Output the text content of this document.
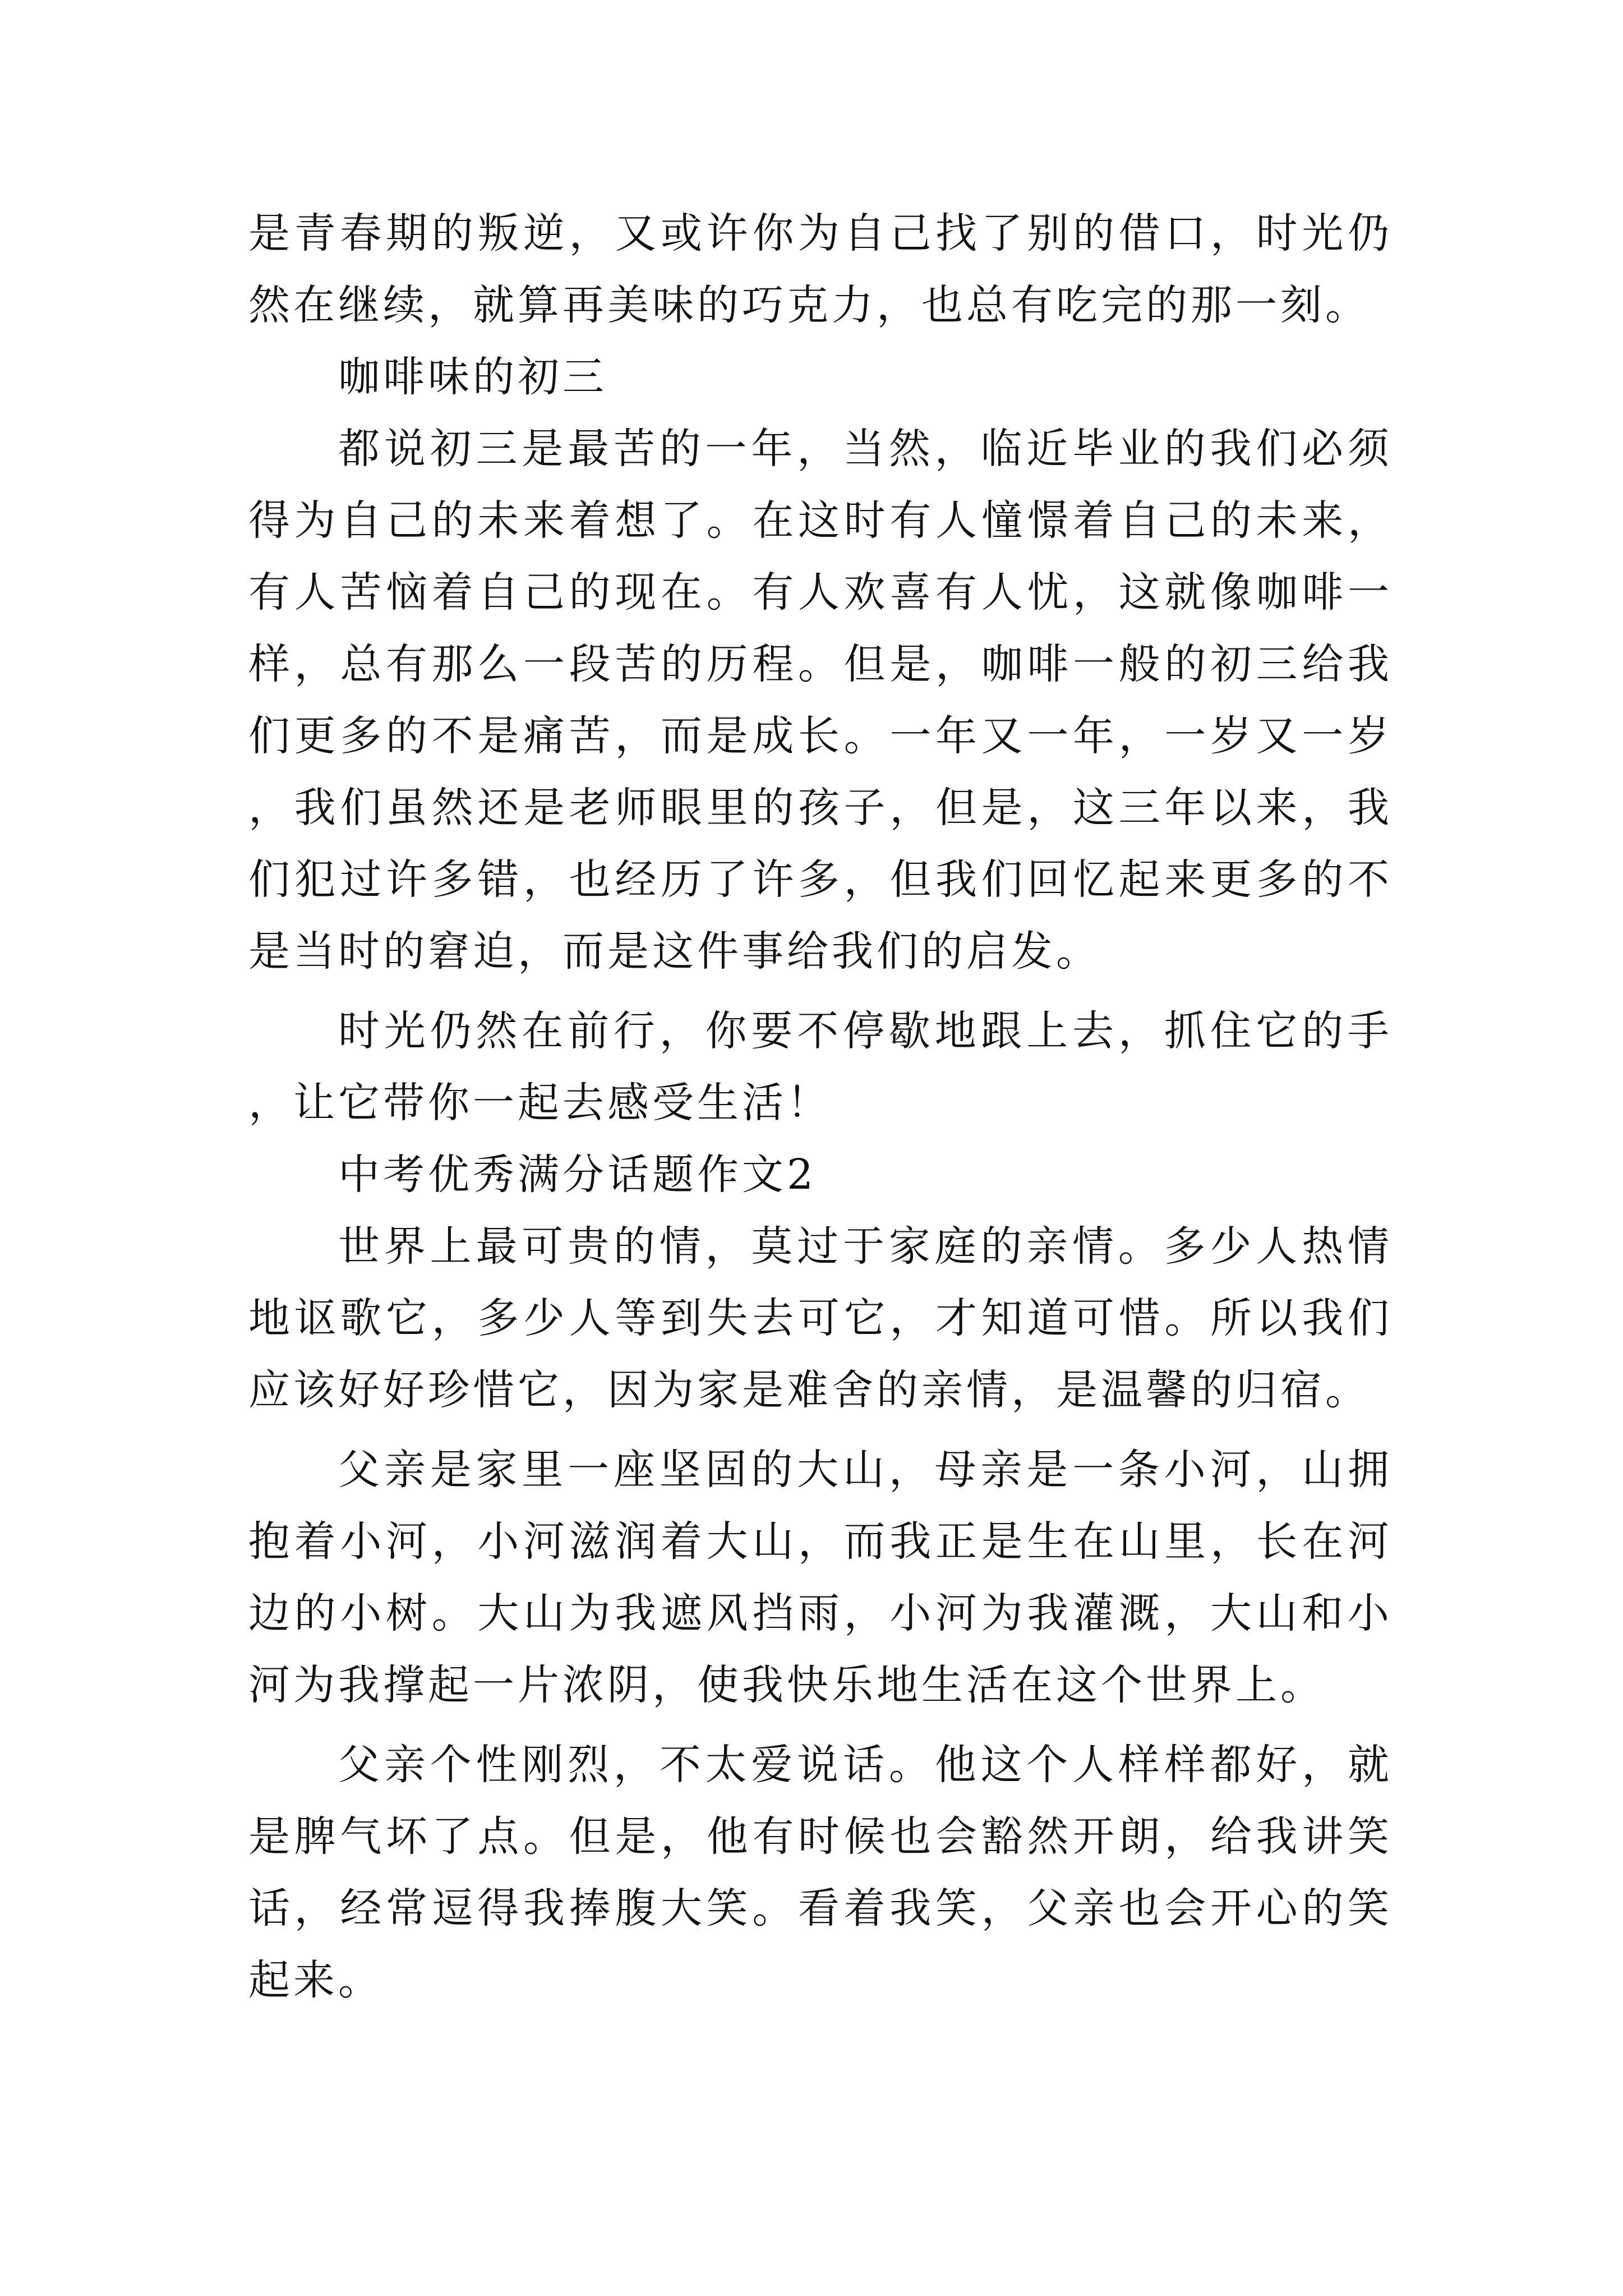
是青春期的叛逆，又或许你为自己找了别的借口，时光仍然在继续，就算再美味的巧克力，也总有吃完的那一刻。

咖啡味的初三

都说初三是最苦的一年，当然，临近毕业的我们必须得为自己的未来着想了。在这时有人憧憬着自己的未来，有人苦恼着自己的现在。有人欢喜有人忧，这就像咖啡一样，总有那么一段苦的历程。但是，咖啡一般的初三给我们更多的不是痛苦，而是成长。一年又一年，一岁又一岁，我们虽然还是老师眼里的孩子，但是，这三年以来，我们犯过许多错，也经历了许多，但我们回忆起来更多的不是当时的窘迫，而是这件事给我们的启发。

时光仍然在前行，你要不停歇地跟上去，抓住它的手，让它带你一起去感受生活！

中考优秀满分话题作文2

世界上最可贵的情，莫过于家庭的亲情。多少人热情地讴歌它，多少人等到失去可它，才知道可惜。所以我们应该好好珍惜它，因为家是难舍的亲情，是温馨的归宿。

父亲是家里一座坚固的大山，母亲是一条小河，山拥抱着小河，小河滋润着大山，而我正是生在山里，长在河边的小树。大山为我遮风挡雨，小河为我灌溉，大山和小河为我撑起一片浓阴，使我快乐地生活在这个世界上。

父亲个性刚烈，不太爱说话。他这个人样样都好，就是脾气坏了点。但是，他有时候也会豁然开朗，给我讲笑话，经常逗得我捧腹大笑。看着我笑，父亲也会开心的笑起来。
